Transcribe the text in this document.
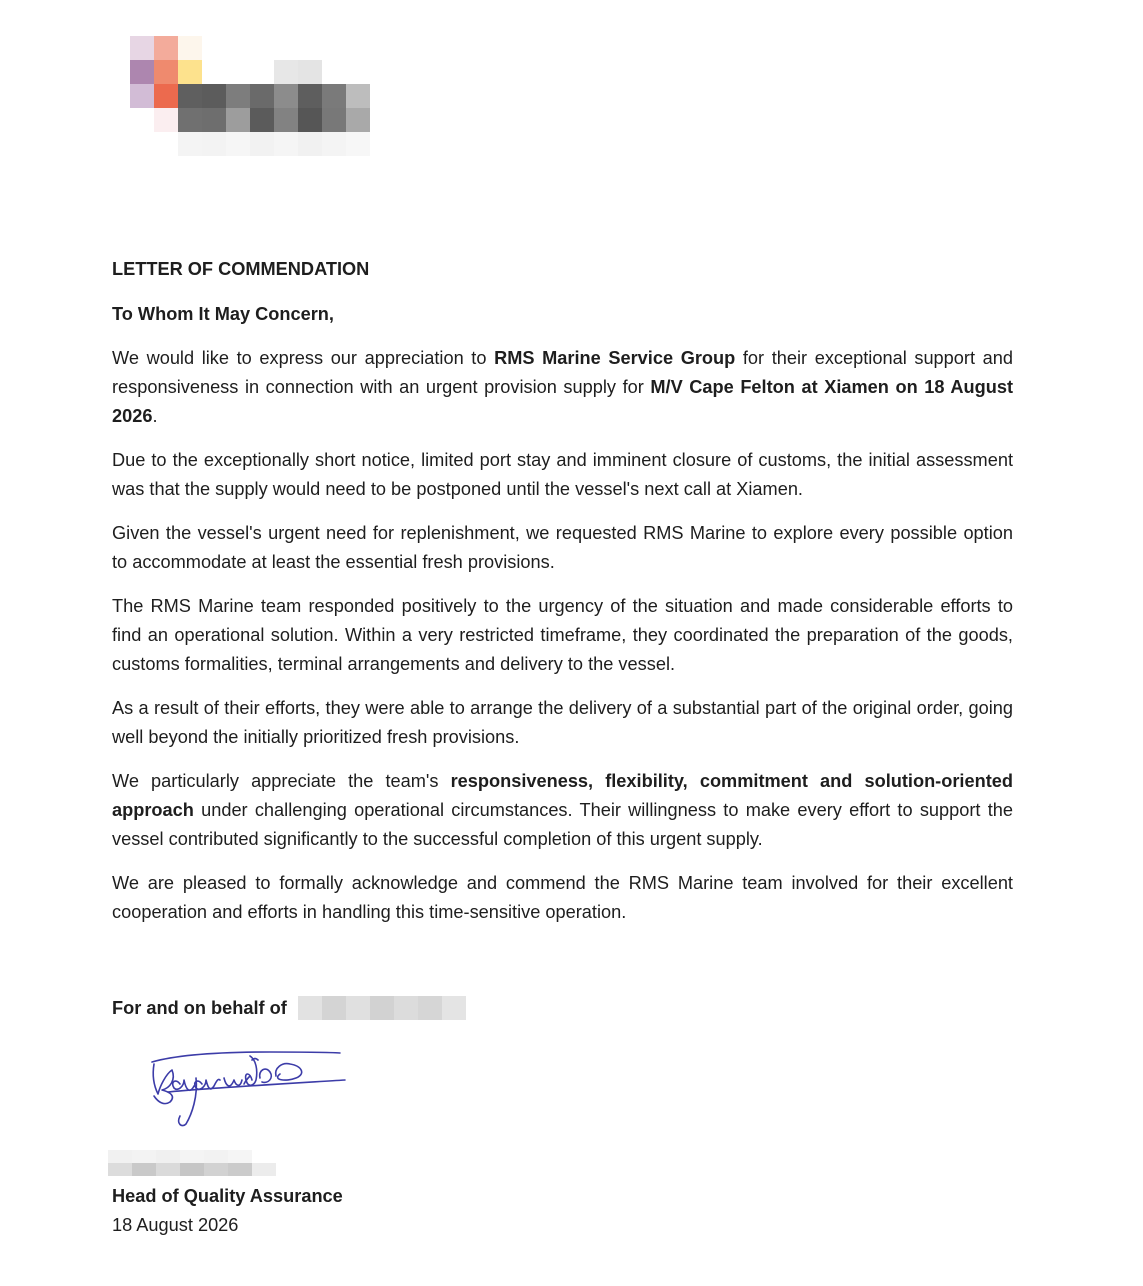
LETTER OF COMMENDATION

To Whom It May Concern,

We would like to express our appreciation to RMS Marine Service Group for their exceptional support and responsiveness in connection with an urgent provision supply for M/V Cape Felton at Xiamen on 18 August 2026.

Due to the exceptionally short notice, limited port stay and imminent closure of customs, the initial assessment was that the supply would need to be postponed until the vessel's next call at Xiamen.

Given the vessel's urgent need for replenishment, we requested RMS Marine to explore every possible option to accommodate at least the essential fresh provisions.

The RMS Marine team responded positively to the urgency of the situation and made considerable efforts to find an operational solution. Within a very restricted timeframe, they coordinated the preparation of the goods, customs formalities, terminal arrangements and delivery to the vessel.

As a result of their efforts, they were able to arrange the delivery of a substantial part of the original order, going well beyond the initially prioritized fresh provisions.

We particularly appreciate the team's responsiveness, flexibility, commitment and solution-oriented approach under challenging operational circumstances. Their willingness to make every effort to support the vessel contributed significantly to the successful completion of this urgent supply.

We are pleased to formally acknowledge and commend the RMS Marine team involved for their excellent cooperation and efforts in handling this time-sensitive operation.

For and on behalf of
Head of Quality Assurance
18 August 2026
